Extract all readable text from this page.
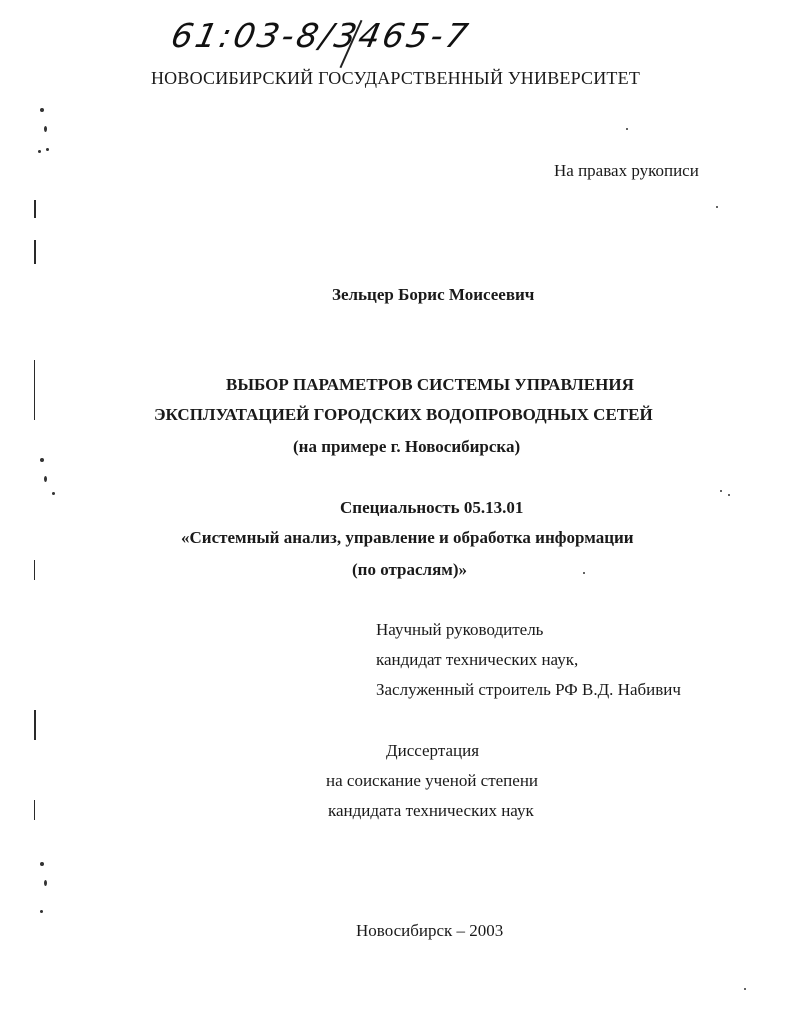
61:03-8/3465-7
НОВОСИБИРСКИЙ ГОСУДАРСТВЕННЫЙ УНИВЕРСИТЕТ
На правах рукописи
Зельцер Борис Моисеевич
ВЫБОР ПАРАМЕТРОВ СИСТЕМЫ УПРАВЛЕНИЯ
ЭКСПЛУАТАЦИЕЙ ГОРОДСКИХ ВОДОПРОВОДНЫХ СЕТЕЙ
(на примере г. Новосибирска)
Специальность 05.13.01
«Системный анализ, управление и обработка информации
(по отраслям)»
Научный руководитель
кандидат технических наук,
Заслуженный строитель РФ В.Д. Набивич
Диссертация
на соискание ученой степени
кандидата технических наук
Новосибирск – 2003
